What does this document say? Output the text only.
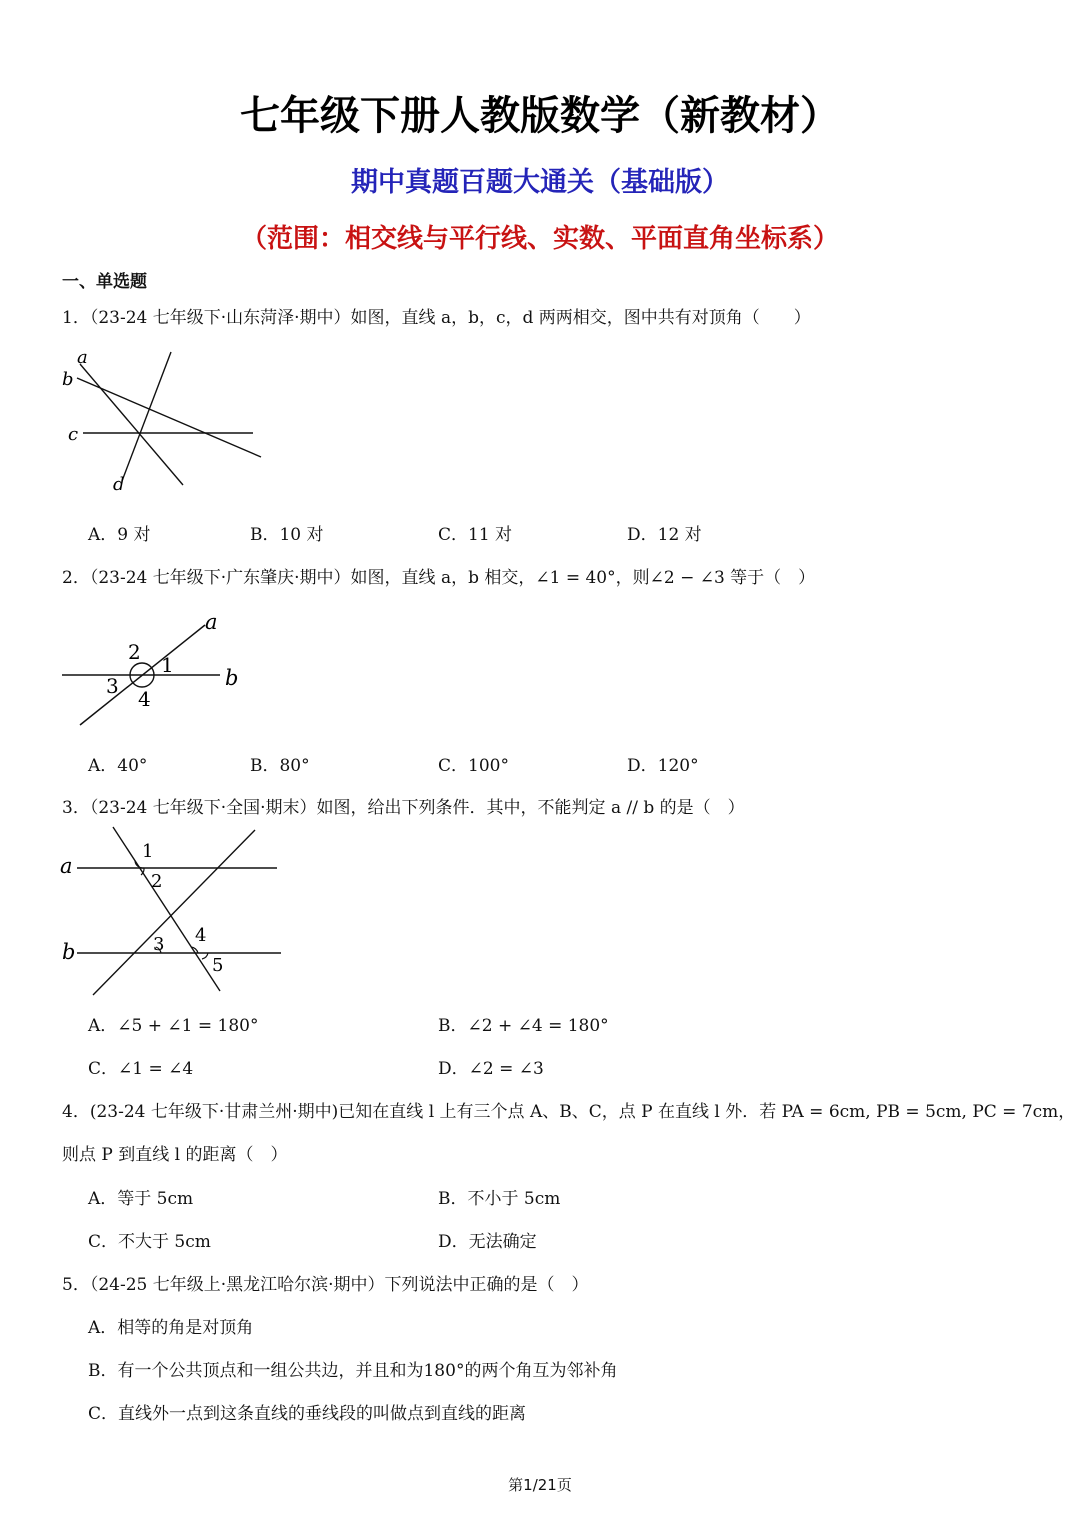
七年级下册人教版数学（新教材）
期中真题百题大通关（基础版）
（范围：相交线与平行线、实数、平面直角坐标系）
一、单选题
1．（23-24 七年级下·山东菏泽·期中）如图，直线 a，b，c，d 两两相交，图中共有对顶角（　　）
a
b
c
d
A．9 对	B．10 对	C．11 对	D．12 对
2．（23-24 七年级下·广东肇庆·期中）如图，直线 a，b 相交，∠1 = 40°，则∠2 − ∠3 等于（　）
a
b
1
2
3
4
A．40°	B．80°	C．100°	D．120°
3．（23-24 七年级下·全国·期末）如图，给出下列条件．其中，不能判定 a // b 的是（　）
a
b
1
2
3 4
5
A．∠5 + ∠1 = 180°	B．∠2 + ∠4 = 180°
C．∠1 = ∠4	D．∠2 = ∠3
4．(23-24 七年级下·甘肃兰州·期中)已知在直线 l 上有三个点 A、B、C，点 P 在直线 l 外．若 PA = 6cm, PB = 5cm, PC = 7cm，
则点 P 到直线 l 的距离（　）
A．等于 5cm	B．不小于 5cm
C．不大于 5cm	D．无法确定
5．（24-25 七年级上·黑龙江哈尔滨·期中）下列说法中正确的是（　）
A．相等的角是对顶角
B．有一个公共顶点和一组公共边，并且和为180°的两个角互为邻补角
C．直线外一点到这条直线的垂线段的叫做点到直线的距离
第1/21页
